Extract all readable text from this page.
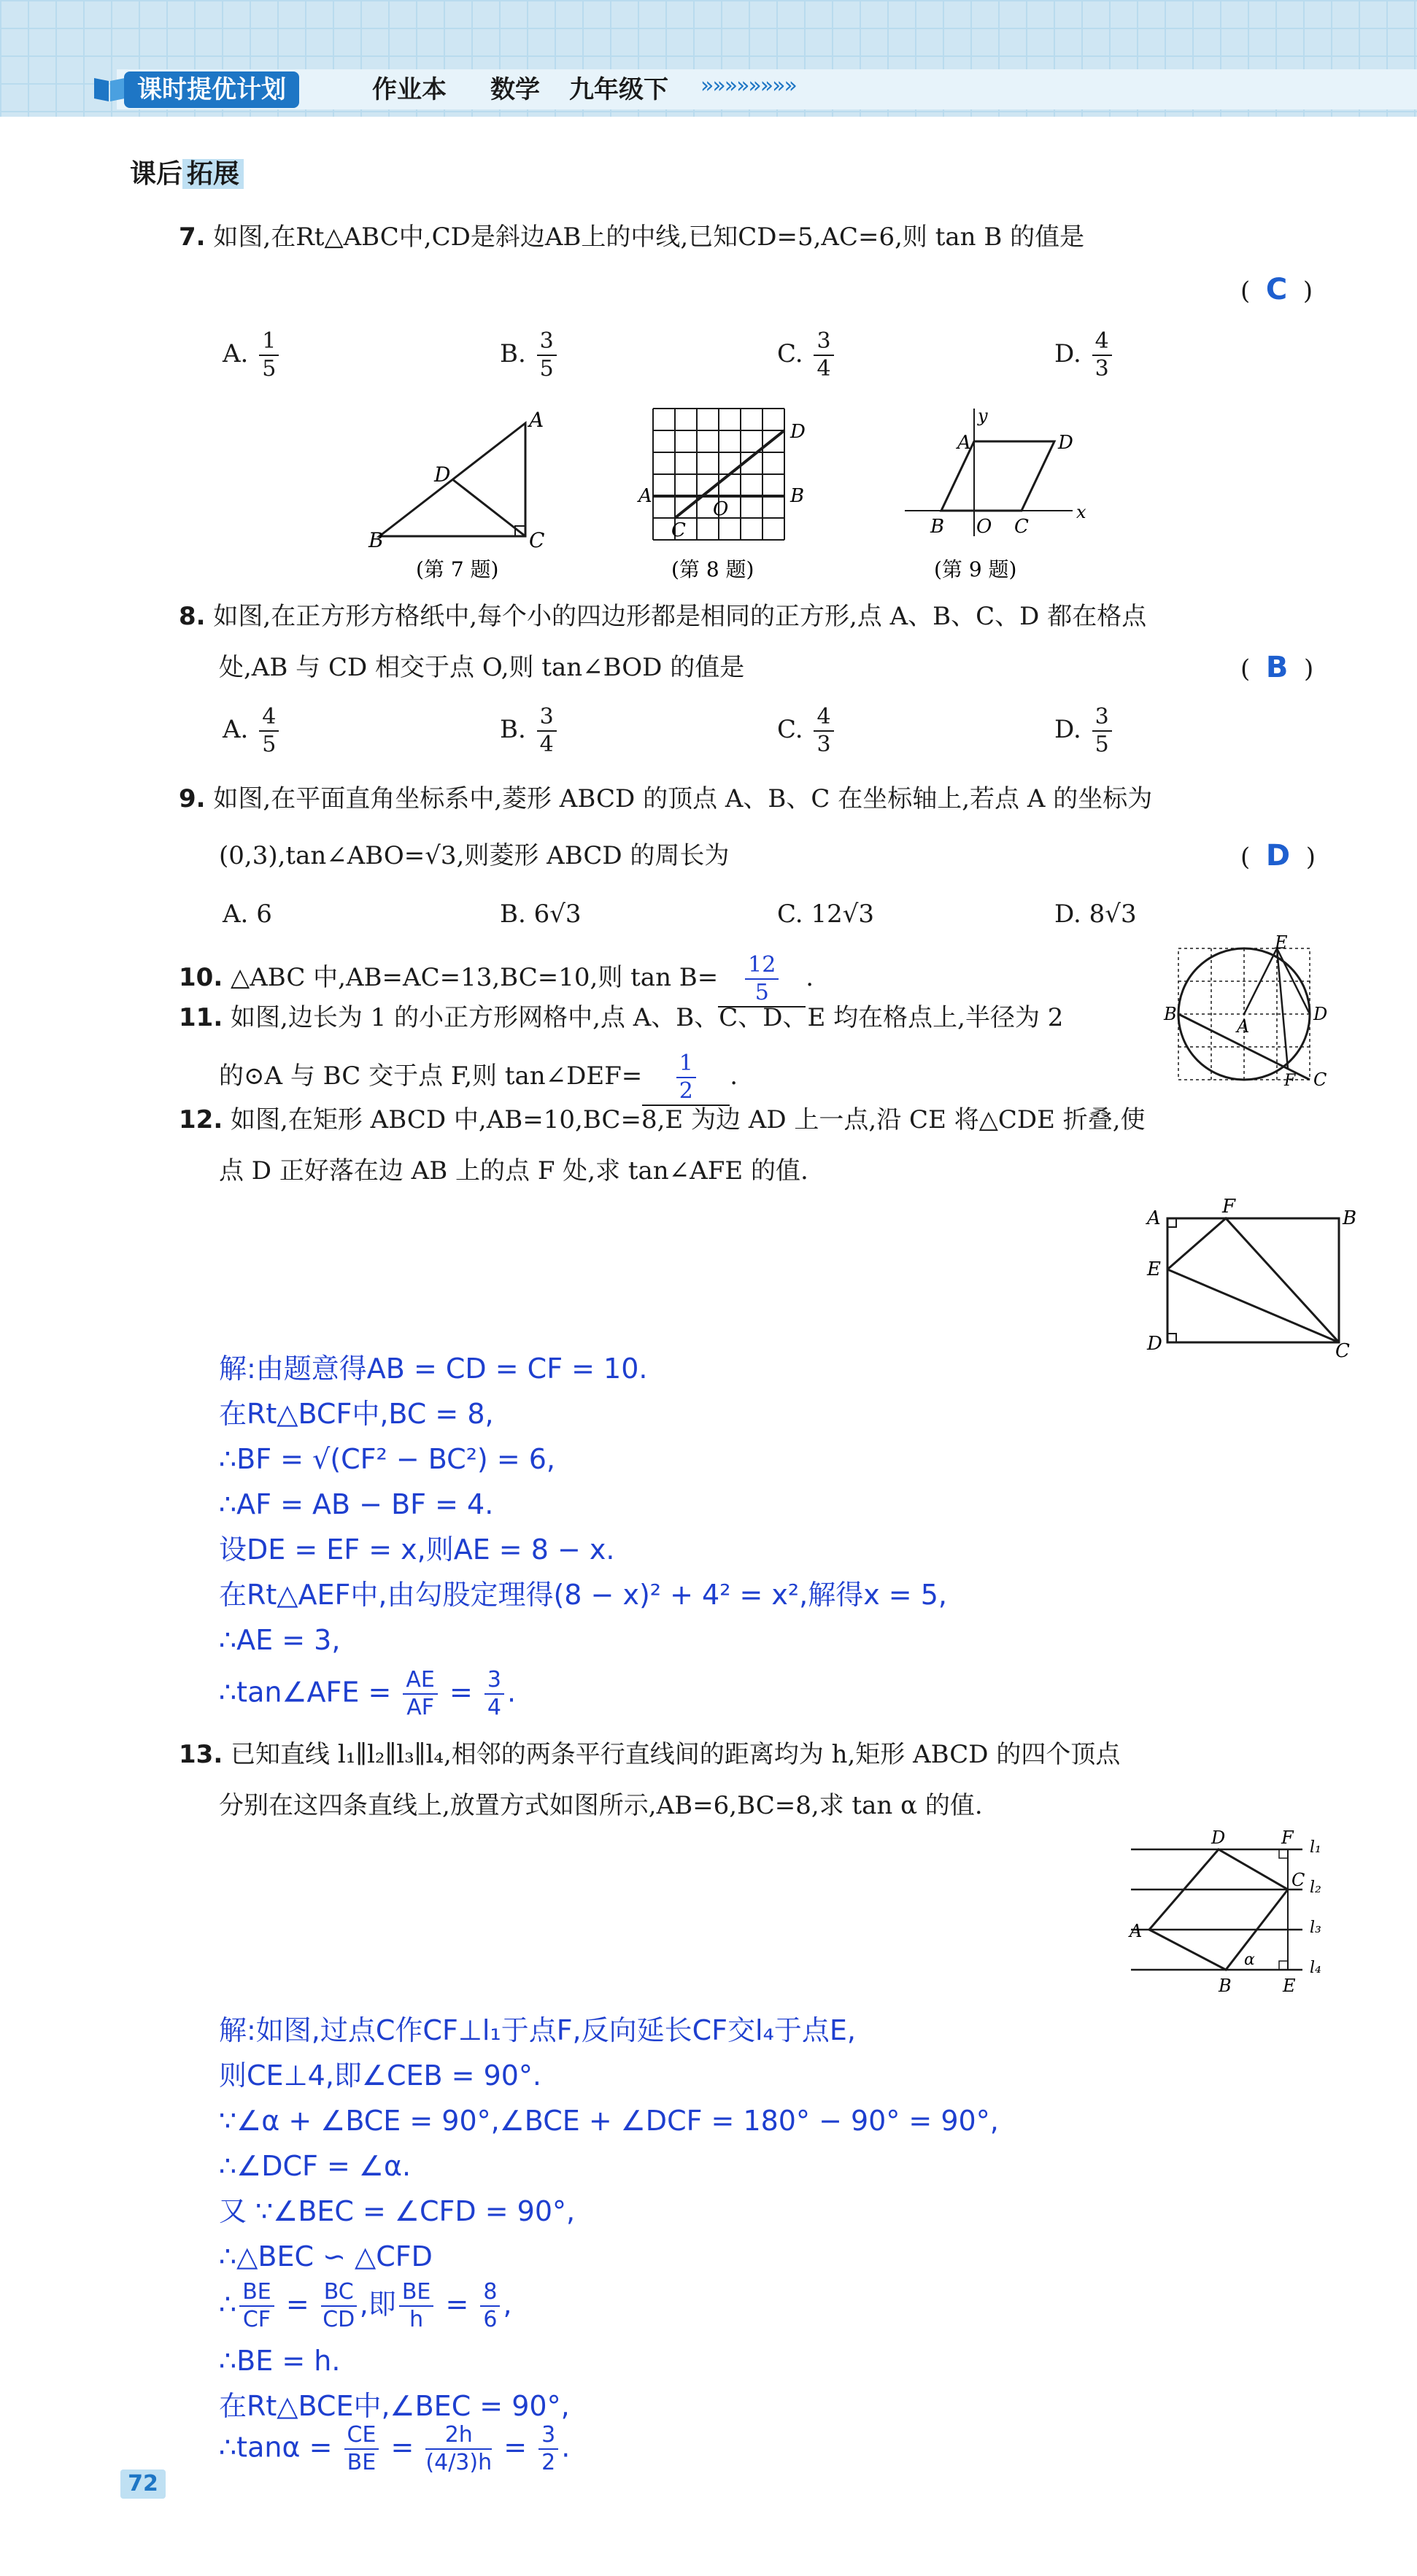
课时提优计划	作业本 数学 九年级下 »»»»»»»»
课后 拓展
7. 如图,在Rt△ABC中,CD是斜边AB上的中线,已知CD=5,AC=6,则 tan B 的值是
(  C  )
A. $\frac{1}{5}$	B. $\frac{3}{5}$	C. $\frac{3}{4}$	D. $\frac{4}{3}$
A
B	C
D
(第 7 题)
A	B
C
D
O
(第 8 题)
y
x
A	D
B O C
(第 9 题)
8. 如图,在正方形方格纸中,每个小的四边形都是相同的正方形,点 A、B、C、D 都在格点
处,AB 与 CD 相交于点 O,则 tan∠BOD 的值是	(  B  )
A. $\frac{4}{5}$	B. $\frac{3}{4}$	C. $\frac{4}{3}$	D. $\frac{3}{5}$
9. 如图,在平面直角坐标系中,菱形 ABCD 的顶点 A、B、C 在坐标轴上,若点 A 的坐标为
(0,3),tan∠ABO=√3,则菱形 ABCD 的周长为	(  D  )
A. 6	B. 6√3	C. 12√3	D. 8√3
10. △ABC 中,AB=AC=13,BC=10,则 $\tan B= \frac{12}{5}$ .
E
B	D
A
C
F
11. 如图,边长为 1 的小正方形网格中,点 A、B、C、D、E 均在格点上,半径为 2
的⊙A 与 BC 交于点 F,则 tan∠DEF= $\frac{1}{2}$ .
12. 如图,在矩形 ABCD 中,AB=10,BC=8,E 为边 AD 上一点,沿 CE 将△CDE 折叠,使
点 D 正好落在边 AB 上的点 F 处,求 tan∠AFE 的值.
A
F
B
E
D	C
解:由题意得AB = CD = CF = 10.
在Rt△BCF中,BC = 8,
∴BF = √(CF² − BC²) = 6,
∴AF = AB − BF = 4.
设DE = EF = x,则AE = 8 − x.
在Rt△AEF中,由勾股定理得(8 − x)² + 4² = x²,解得x = 5,
∴AE = 3,
∴tan∠AFE = $\frac{AE}{AF} = \frac{3}{4}$ .
13. 已知直线 l₁∥l₂∥l₃∥l₄,相邻的两条平行直线间的距离均为 h,矩形 ABCD 的四个顶点
分别在这四条直线上,放置方式如图所示,AB=6,BC=8,求 tan α 的值.
D	F
C
A
B	E
α
l₁
l₂
l₃
l₄
解:如图,过点C作CF⊥l₁于点F,反向延长CF交l₄于点E,
则CE⊥4,即∠CEB = 90°.
∵∠α + ∠BCE = 90°,∠BCE + ∠DCF = 180° − 90° = 90°,
∴∠DCF = ∠α.
又 ∵∠BEC = ∠CFD = 90°,
∴△BEC ∽ △CFD
∴ $\frac{BE}{CF} = \frac{BC}{CD}$ ,即 $\frac{BE}{h} = \frac{8}{6}$ ,
∴BE = h.
在Rt△BCE中,∠BEC = 90°,
∴tanα = $\frac{CE}{BE} = \frac{2h}{(4/3)h} = \frac{3}{2}$ .
72
